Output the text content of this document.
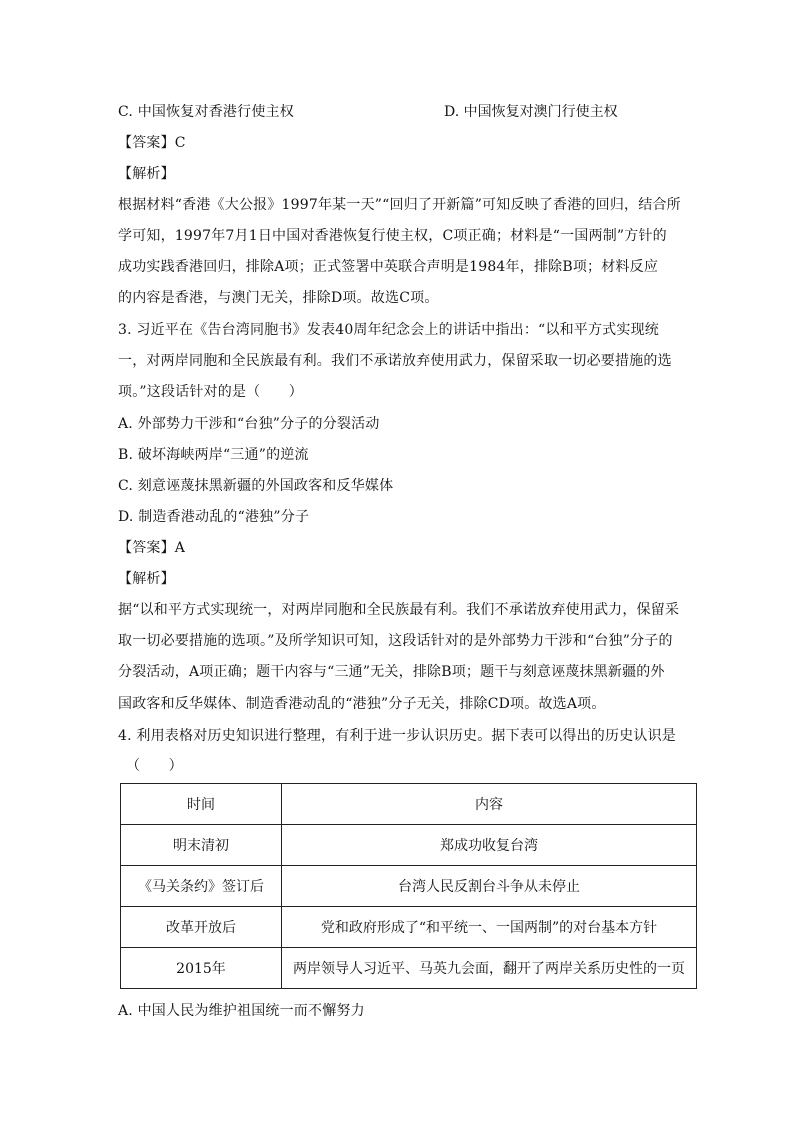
C. 中国恢复对香港行使主权	D. 中国恢复对澳门行使主权
【答案】C
【解析】
根据材料“香港《大公报》1997年某一天”“回归了开新篇”可知反映了香港的回归，结合所
学可知，1997年7月1日中国对香港恢复行使主权，C项正确；材料是“一国两制”方针的
成功实践香港回归，排除A项；正式签署中英联合声明是1984年，排除B项；材料反应
的内容是香港，与澳门无关，排除D项。故选C项。
3. 习近平在《告台湾同胞书》发表40周年纪念会上的讲话中指出：“以和平方式实现统
一，对两岸同胞和全民族最有利。我们不承诺放弃使用武力，保留采取一切必要措施的选
项。”这段话针对的是（　　）
A. 外部势力干涉和“台独”分子的分裂活动
B. 破坏海峡两岸“三通”的逆流
C. 刻意诬蔑抹黑新疆的外国政客和反华媒体
D. 制造香港动乱的“港独”分子
【答案】A
【解析】
据“以和平方式实现统一，对两岸同胞和全民族最有利。我们不承诺放弃使用武力，保留采
取一切必要措施的选项。”及所学知识可知，这段话针对的是外部势力干涉和“台独”分子的
分裂活动，A项正确；题干内容与“三通”无关，排除B项；题干与刻意诬蔑抹黑新疆的外
国政客和反华媒体、制造香港动乱的“港独”分子无关，排除CD项。故选A项。
4. 利用表格对历史知识进行整理，有利于进一步认识历史。据下表可以得出的历史认识是
（　　）
时间	内容
明末清初	郑成功收复台湾
《马关条约》签订后	台湾人民反割台斗争从未停止
改革开放后	党和政府形成了“和平统一、一国两制”的对台基本方针
2015年	两岸领导人习近平、马英九会面，翻开了两岸关系历史性的一页
A. 中国人民为维护祖国统一而不懈努力
